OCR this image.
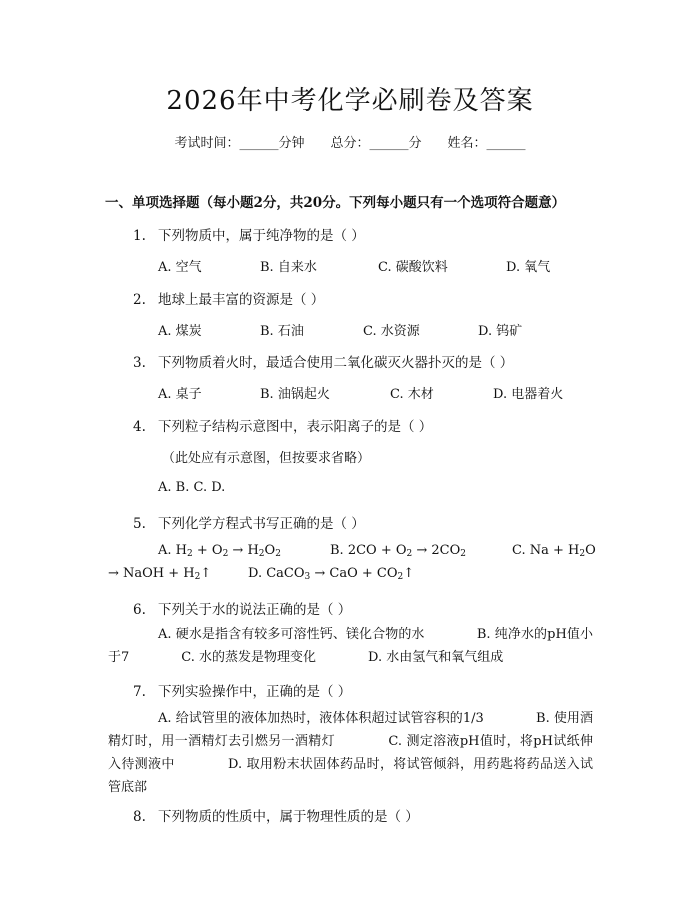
2026年中考化学必刷卷及答案
考试时间：______分钟 总分：______分 姓名：______
一、单项选择题（每小题2分，共20分。下列每小题只有一个选项符合题意）
1. 下列物质中，属于纯净物的是（ ）
A. 空气	B. 自来水	C. 碳酸饮料	D. 氧气
2. 地球上最丰富的资源是（ ）
A. 煤炭	B. 石油	C. 水资源	D. 钨矿
3. 下列物质着火时，最适合使用二氧化碳灭火器扑灭的是（ ）
A. 桌子	B. 油锅起火	C. 木材	D. 电器着火
4. 下列粒子结构示意图中，表示阳离子的是（ ）
（此处应有示意图，但按要求省略）
A. B. C. D.
5. 下列化学方程式书写正确的是（ ）
A. $H_2 + O_2 \to H_2O_2$	B. $2CO + O_2 \to 2CO_2$	C. $Na + H_2O$
→ NaOH + $H_2↑$	D. CaCO$_3$ → CaO + $CO_2↑$
6. 下列关于水的说法正确的是（ ）
A. 硬水是指含有较多可溶性钙、镁化合物的水　　　　B. 纯净水的pH值小于7　　　　C. 水的蒸发是物理变化　　　　D. 水由氢气和氧气组成
7. 下列实验操作中，正确的是（ ）
A. 给试管里的液体加热时，液体体积超过试管容积的1/3　　　　B. 使用酒精灯时，用一酒精灯去引燃另一酒精灯　　　　C. 测定溶液pH值时，将pH试纸伸入待测液中　　　　D. 取用粉末状固体药品时，将试管倾斜，用药匙将药品送入试管底部
8. 下列物质的性质中，属于物理性质的是（ ）
